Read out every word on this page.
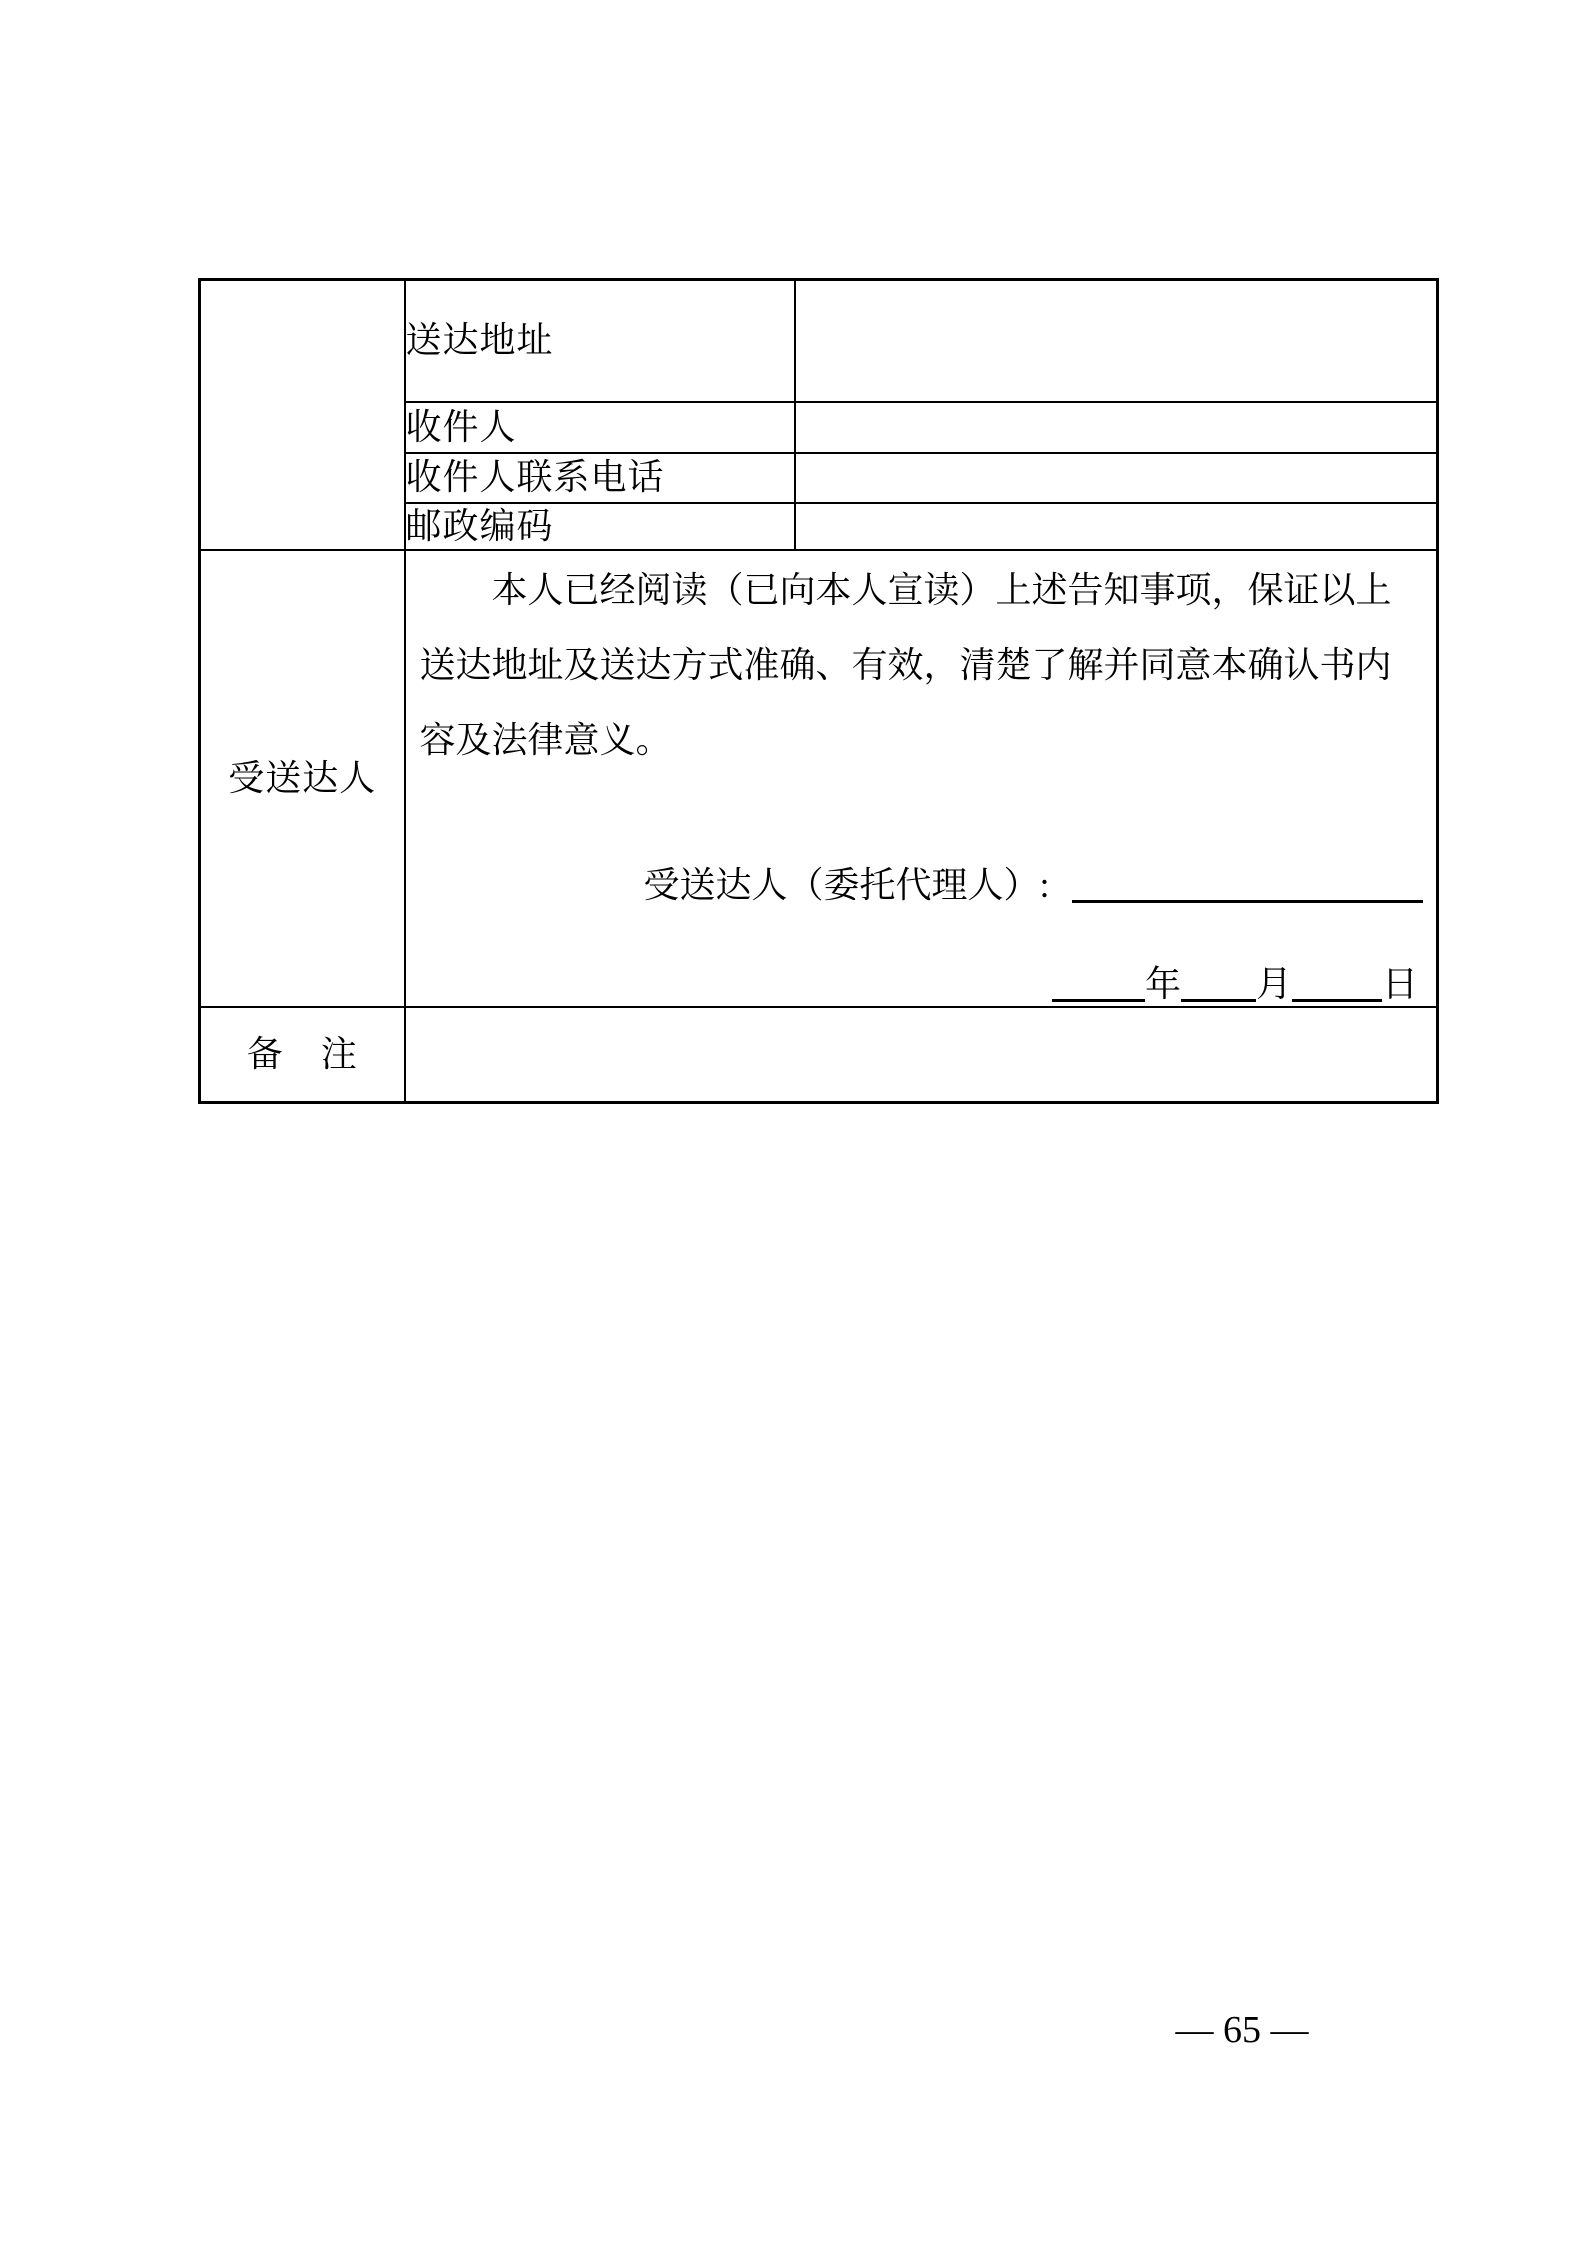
	送达地址	
	收件人	
	收件人联系电话	
	邮政编码	
受送达人	本人已经阅读（已向本人宣读）上述告知事项，保证以上送达地址及送达方式准确、有效，清楚了解并同意本确认书内容及法律意义。

受送达人（委托代理人）:
年 月 日	

备　注		
— 65 —
